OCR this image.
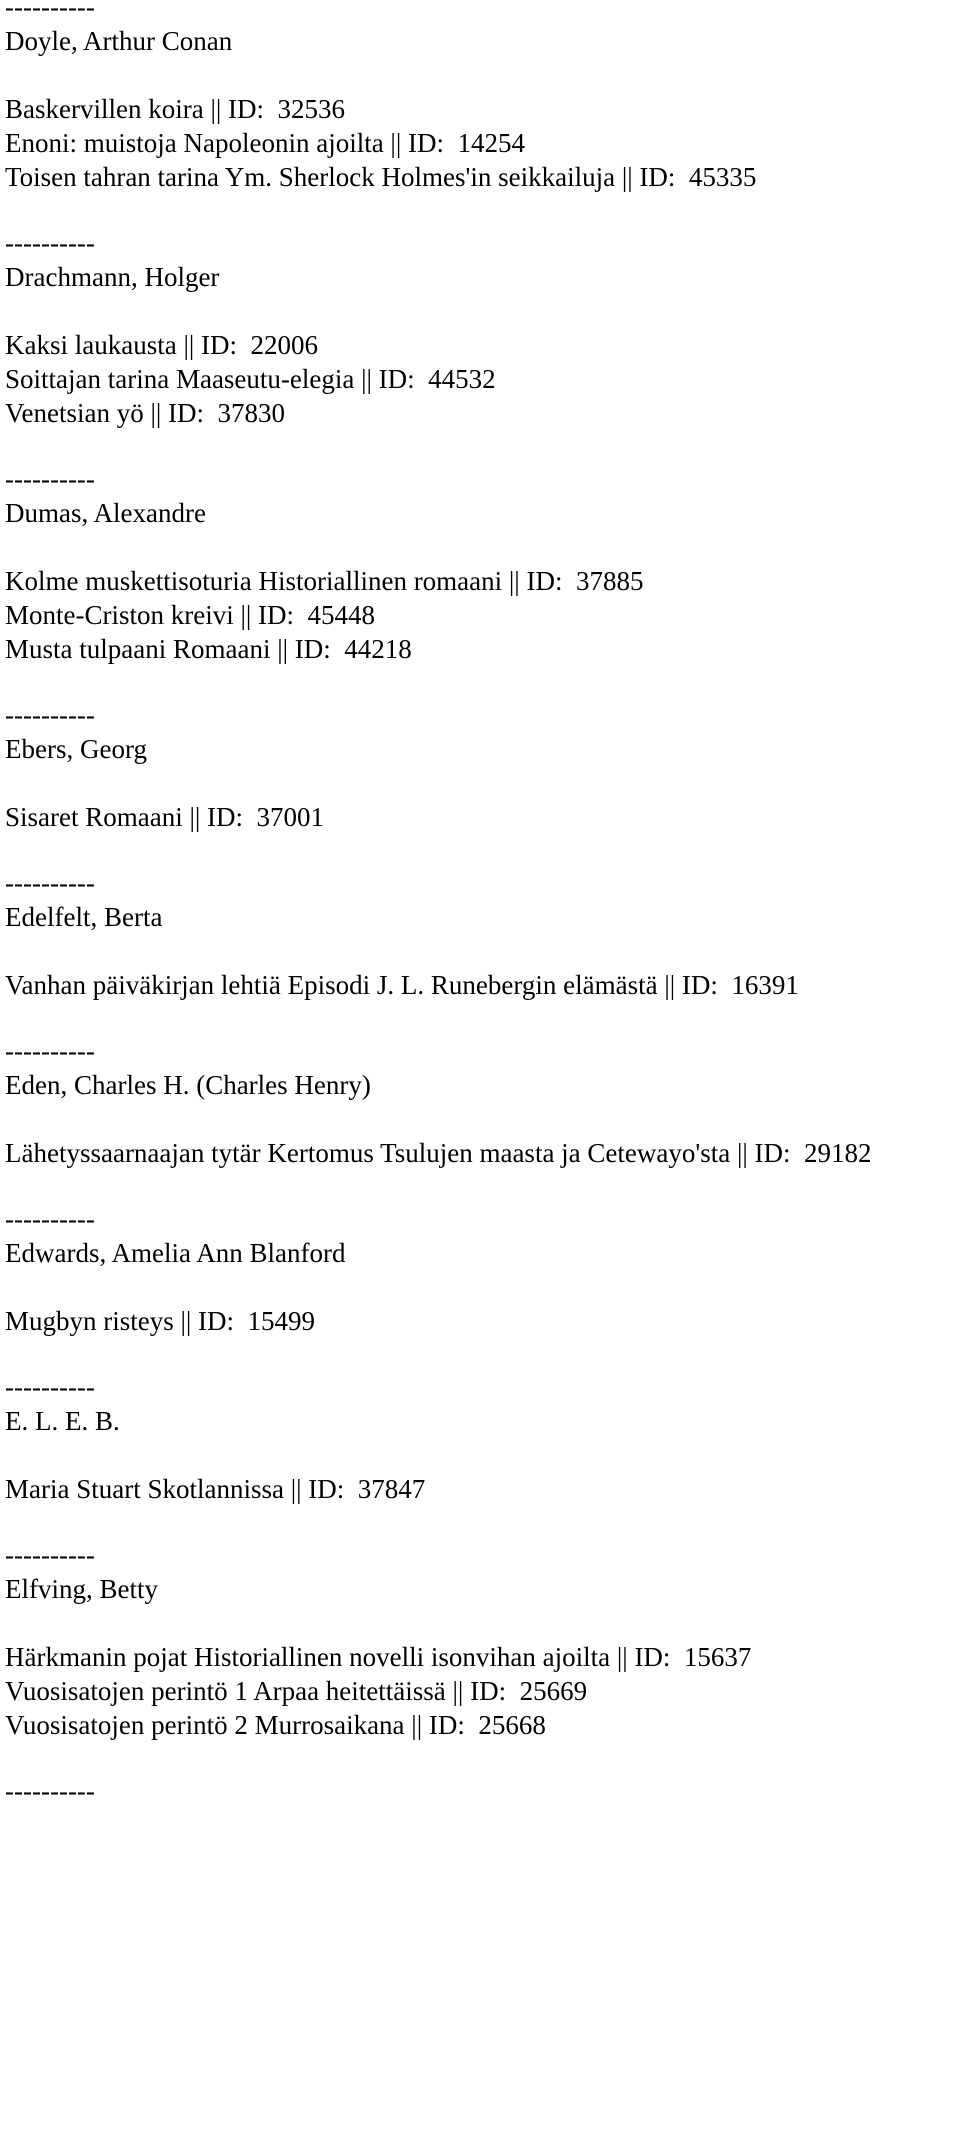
----------
Doyle, Arthur Conan
Baskervillen koira || ID:  32536
Enoni: muistoja Napoleonin ajoilta || ID:  14254
Toisen tahran tarina Ym. Sherlock Holmes'in seikkailuja || ID:  45335
----------
Drachmann, Holger
Kaksi laukausta || ID:  22006
Soittajan tarina Maaseutu-elegia || ID:  44532
Venetsian yö || ID:  37830
----------
Dumas, Alexandre
Kolme muskettisoturia Historiallinen romaani || ID:  37885
Monte-Criston kreivi || ID:  45448
Musta tulpaani Romaani || ID:  44218
----------
Ebers, Georg
Sisaret Romaani || ID:  37001
----------
Edelfelt, Berta
Vanhan päiväkirjan lehtiä Episodi J. L. Runebergin elämästä || ID:  16391
----------
Eden, Charles H. (Charles Henry)
Lähetyssaarnaajan tytär Kertomus Tsulujen maasta ja Cetewayo'sta || ID:  29182
----------
Edwards, Amelia Ann Blanford
Mugbyn risteys || ID:  15499
----------
E. L. E. B.
Maria Stuart Skotlannissa || ID:  37847
----------
Elfving, Betty
Härkmanin pojat Historiallinen novelli isonvihan ajoilta || ID:  15637
Vuosisatojen perintö 1 Arpaa heitettäissä || ID:  25669
Vuosisatojen perintö 2 Murrosaikana || ID:  25668
----------
